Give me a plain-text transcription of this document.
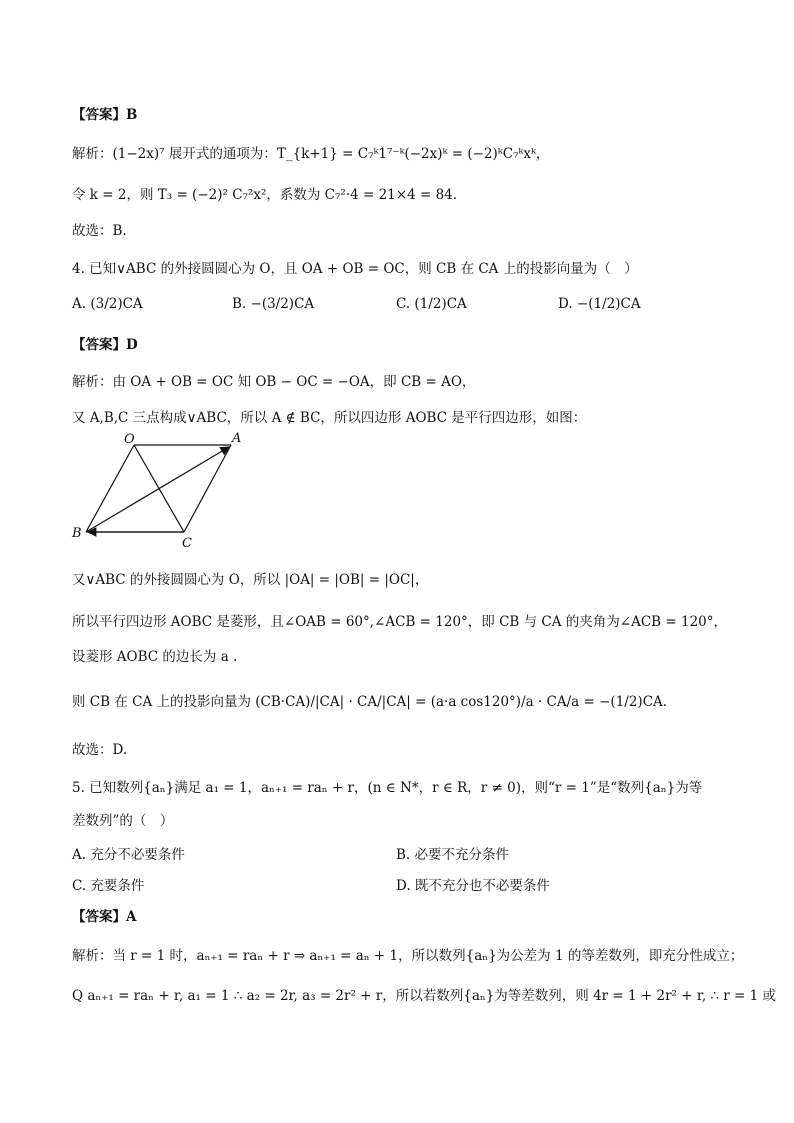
【答案】B
解析：(1−2x)⁷ 展开式的通项为：T_{k+1} = C₇ᵏ1⁷⁻ᵏ(−2x)ᵏ = (−2)ᵏC₇ᵏxᵏ，
令 k = 2，则 T₃ = (−2)² C₇²x²，系数为 C₇²·4 = 21×4 = 84.
故选：B.
4. 已知∨ABC 的外接圆圆心为 O，且 OA + OB = OC，则 CB 在 CA 上的投影向量为（　）
A. (3/2)CA	B. −(3/2)CA	C. (1/2)CA	D. −(1/2)CA
【答案】D
解析：由 OA + OB = OC 知 OB − OC = −OA，即 CB = AO，
又 A,B,C 三点构成∨ABC，所以 A ∉ BC，所以四边形 AOBC 是平行四边形，如图：
O	A
B
C
又∨ABC 的外接圆圆心为 O，所以 |OA| = |OB| = |OC|，
所以平行四边形 AOBC 是菱形，且∠OAB = 60°,∠ACB = 120°，即 CB 与 CA 的夹角为∠ACB = 120°，
设菱形 AOBC 的边长为 a .
则 CB 在 CA 上的投影向量为 (CB·CA)/|CA| · CA/|CA| = (a·a cos120°)/a · CA/a = −(1/2)CA.
故选：D.
5. 已知数列{aₙ}满足 a₁ = 1，aₙ₊₁ = raₙ + r，(n ∈ N*，r ∈ R，r ≠ 0)，则“r = 1”是“数列{aₙ}为等
差数列”的（　）
A. 充分不必要条件	B. 必要不充分条件
C. 充要条件	D. 既不充分也不必要条件
【答案】A
解析：当 r = 1 时，aₙ₊₁ = raₙ + r ⇒ aₙ₊₁ = aₙ + 1，所以数列{aₙ}为公差为 1 的等差数列，即充分性成立；
Q aₙ₊₁ = raₙ + r, a₁ = 1 ∴ a₂ = 2r, a₃ = 2r² + r，所以若数列{aₙ}为等差数列，则 4r = 1 + 2r² + r, ∴ r = 1 或
